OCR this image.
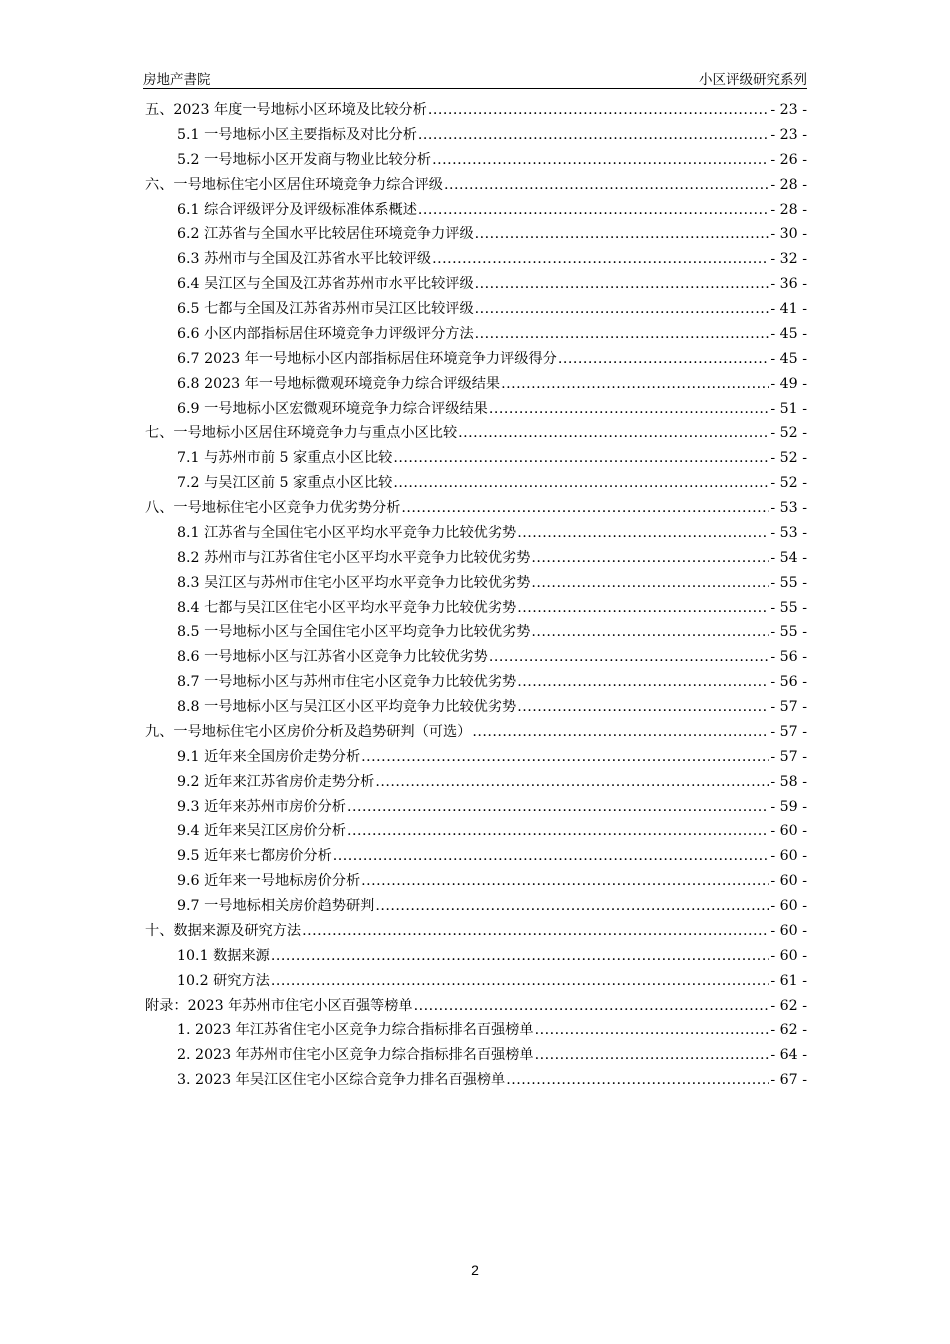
房地产書院	小区评级研究系列
五、2023 年度一号地标小区环境及比较分析 .....	- 23 -
5.1 一号地标小区主要指标及对比分析 .....	- 23 -
5.2 一号地标小区开发商与物业比较分析 .....	- 26 -
六、一号地标住宅小区居住环境竞争力综合评级 .....	- 28 -
6.1 综合评级评分及评级标准体系概述 .....	- 28 -
6.2 江苏省与全国水平比较居住环境竞争力评级 .....	- 30 -
6.3 苏州市与全国及江苏省水平比较评级 .....	- 32 -
6.4 吴江区与全国及江苏省苏州市水平比较评级 .....	- 36 -
6.5 七都与全国及江苏省苏州市吴江区比较评级 .....	- 41 -
6.6 小区内部指标居住环境竞争力评级评分方法 .....	- 45 -
6.7 2023 年一号地标小区内部指标居住环境竞争力评级得分 .....	- 45 -
6.8 2023 年一号地标微观环境竞争力综合评级结果 .....	- 49 -
6.9 一号地标小区宏微观环境竞争力综合评级结果 .....	- 51 -
七、一号地标小区居住环境竞争力与重点小区比较 .....	- 52 -
7.1 与苏州市前 5 家重点小区比较 .....	- 52 -
7.2 与吴江区前 5 家重点小区比较 .....	- 52 -
八、一号地标住宅小区竞争力优劣势分析 .....	- 53 -
8.1 江苏省与全国住宅小区平均水平竞争力比较优劣势 .....	- 53 -
8.2 苏州市与江苏省住宅小区平均水平竞争力比较优劣势 .....	- 54 -
8.3 吴江区与苏州市住宅小区平均水平竞争力比较优劣势 .....	- 55 -
8.4 七都与吴江区住宅小区平均水平竞争力比较优劣势 .....	- 55 -
8.5 一号地标小区与全国住宅小区平均竞争力比较优劣势 .....	- 55 -
8.6 一号地标小区与江苏省小区竞争力比较优劣势 .....	- 56 -
8.7 一号地标小区与苏州市住宅小区竞争力比较优劣势 .....	- 56 -
8.8 一号地标小区与吴江区小区平均竞争力比较优劣势 .....	- 57 -
九、一号地标住宅小区房价分析及趋势研判（可选） .....	- 57 -
9.1 近年来全国房价走势分析 .....	- 57 -
9.2 近年来江苏省房价走势分析 .....	- 58 -
9.3 近年来苏州市房价分析 .....	- 59 -
9.4 近年来吴江区房价分析 .....	- 60 -
9.5 近年来七都房价分析 .....	- 60 -
9.6 近年来一号地标房价分析 .....	- 60 -
9.7 一号地标相关房价趋势研判 .....	- 60 -
十、数据来源及研究方法 .....	- 60 -
10.1 数据来源 .....	- 60 -
10.2 研究方法 .....	- 61 -
附录：2023 年苏州市住宅小区百强等榜单 .....	- 62 -
1. 2023 年江苏省住宅小区竞争力综合指标排名百强榜单 .....	- 62 -
2. 2023 年苏州市住宅小区竞争力综合指标排名百强榜单 .....	- 64 -
3. 2023 年吴江区住宅小区综合竞争力排名百强榜单 .....	- 67 -
2
